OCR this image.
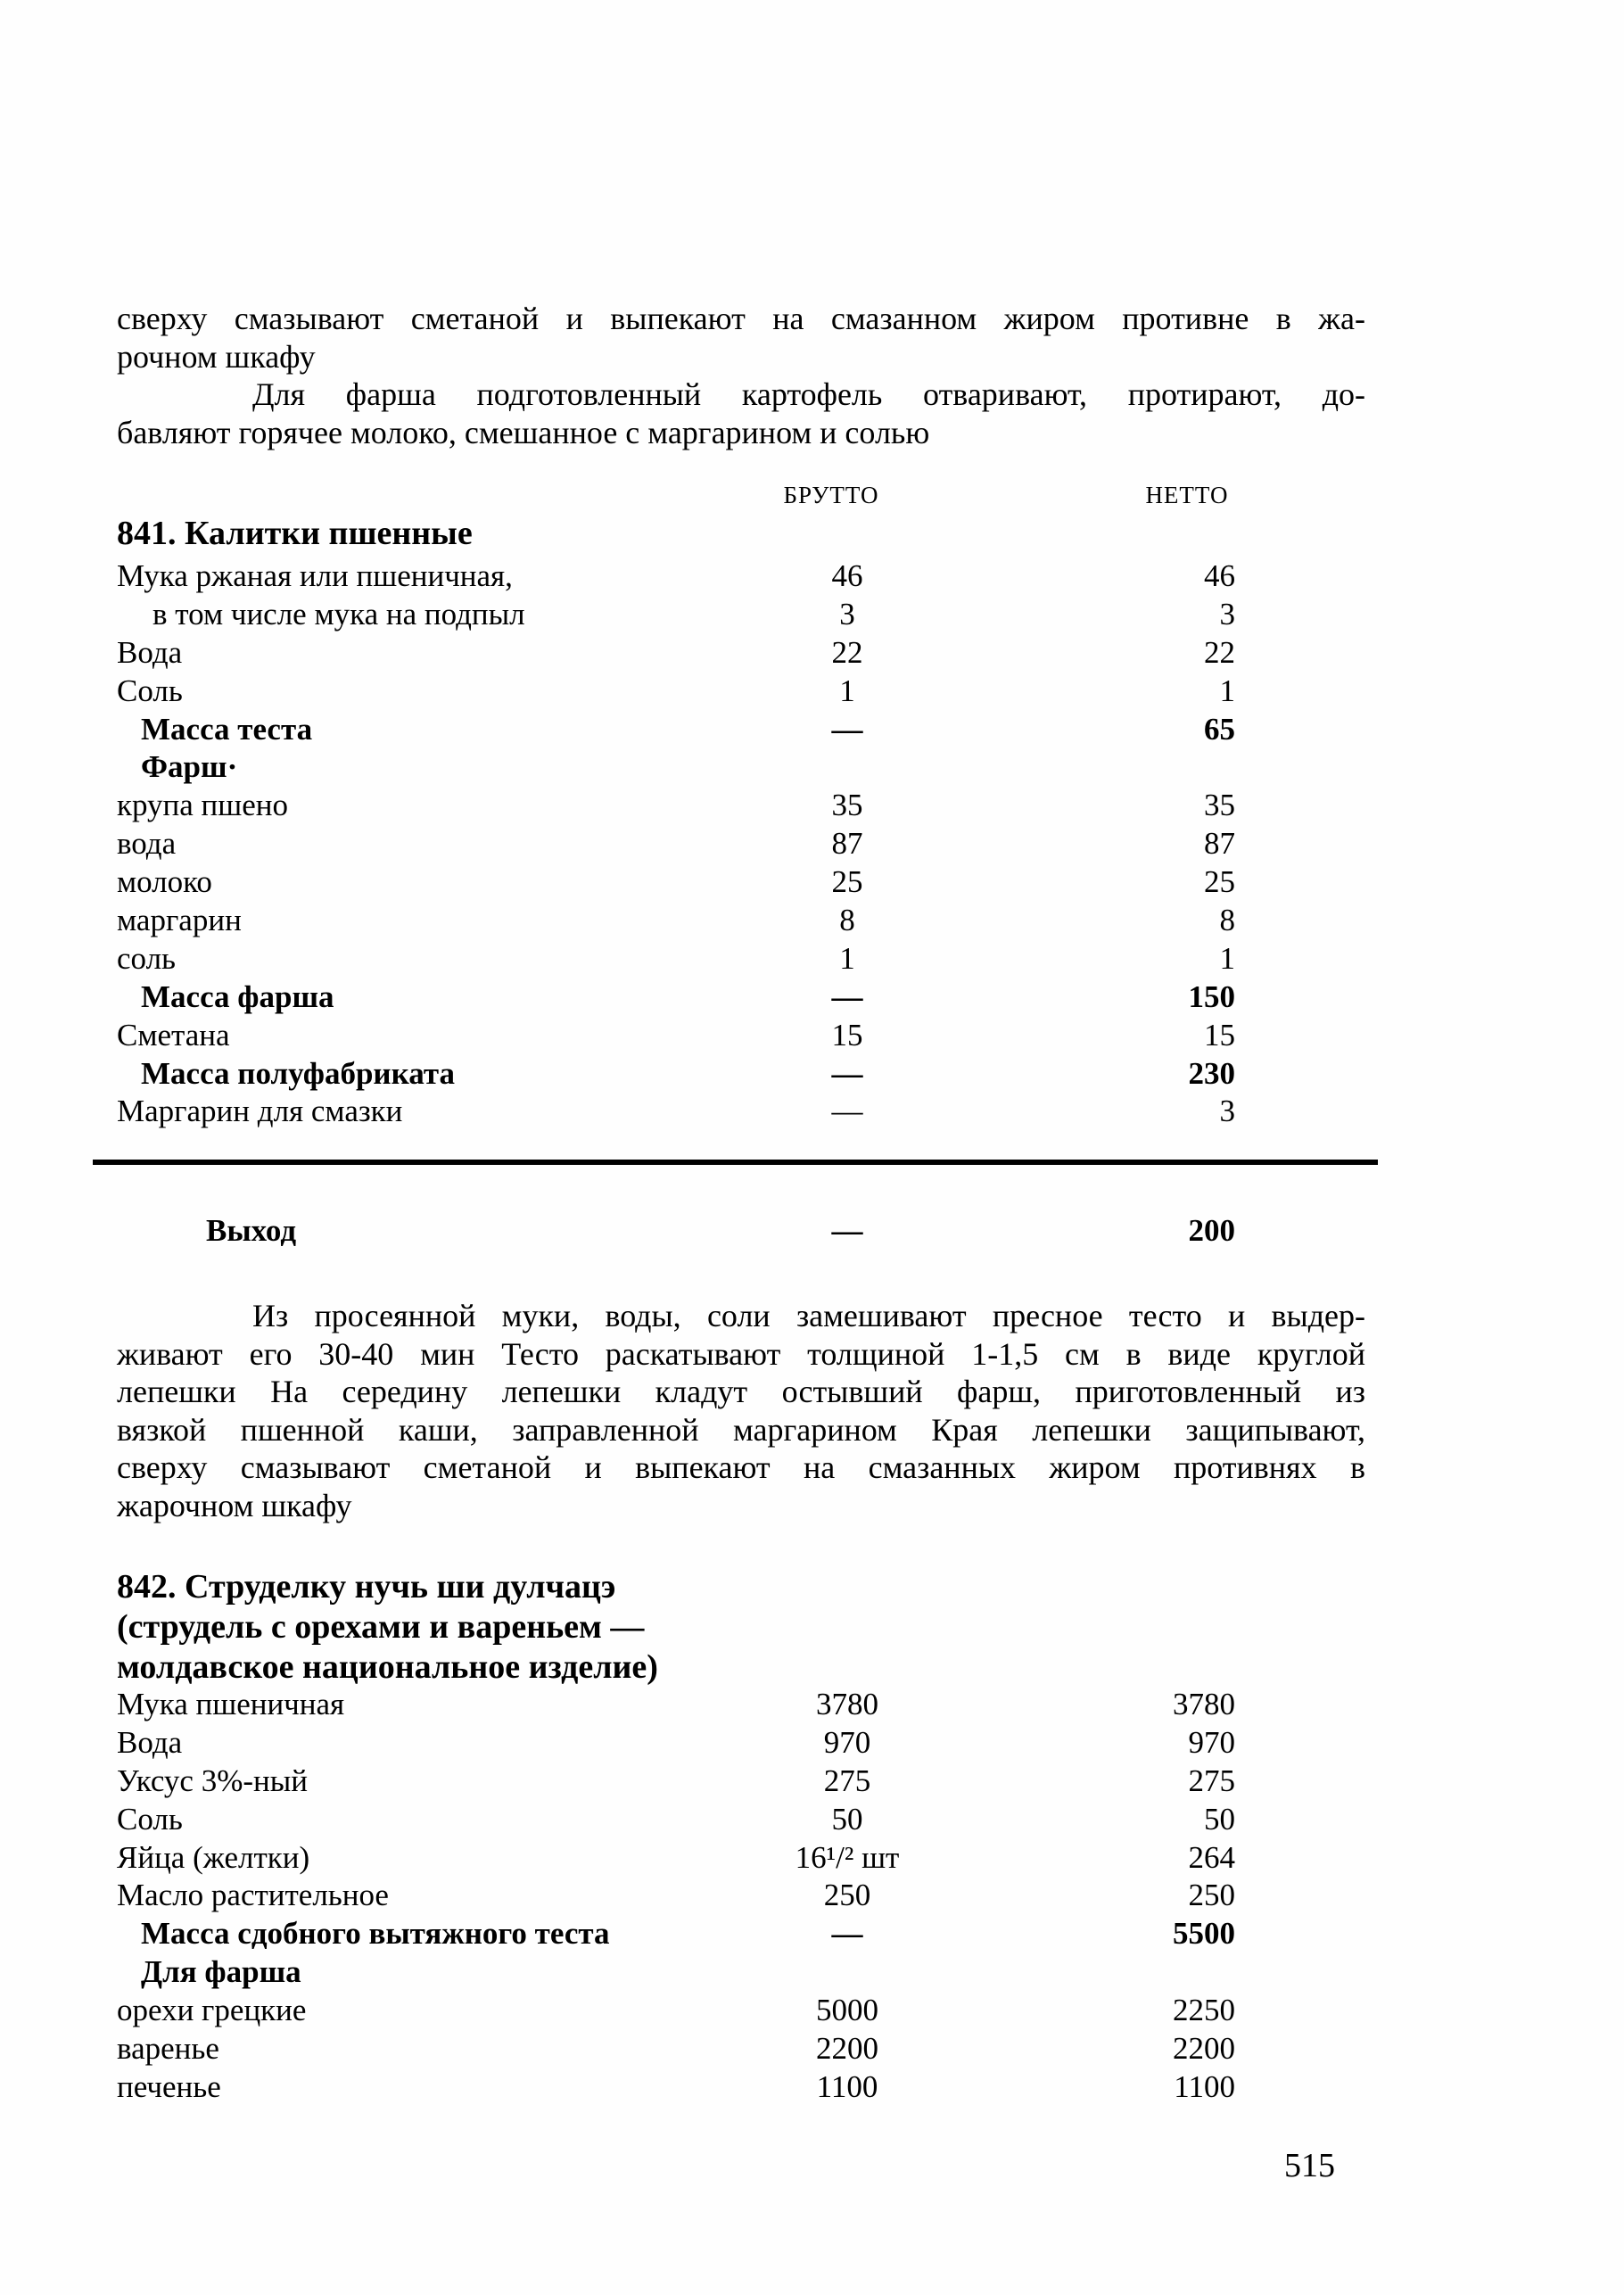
сверху смазывают сметаной и выпекают на смазанном жиром противне в жа-
рочном шкафу
Для фарша подготовленный картофель отваривают, протирают, до-
бавляют горячее молоко, смешанное с маргарином и солью
БРУТТО	НЕТТО
841. Калитки пшенные
Мука ржаная или пшеничная,	46	46
в том числе мука на подпыл	3	3
Вода	22	22
Соль	1	1
Масса теста	—	65
Фарш·
крупа пшено	35	35
вода	87	87
молоко	25	25
маргарин	8	8
соль	1	1
Масса фарша	—	150
Сметана	15	15
Масса полуфабриката	—	230
Маргарин для смазки	—	3
Выход	—	200
Из просеянной муки, воды, соли замешивают пресное тесто и выдер-
живают его 30-40 мин Тесто раскатывают толщиной 1-1,5 см в виде круглой
лепешки На середину лепешки кладут остывший фарш, приготовленный из
вязкой пшенной каши, заправленной маргарином Края лепешки защипывают,
сверху смазывают сметаной и выпекают на смазанных жиром противнях в
жарочном шкафу
842. Струделку нучь ши дулчацэ
(струдель с орехами и вареньем —
молдавское национальное изделие)
Мука пшеничная	3780	3780
Вода	970	970
Уксус 3%-ный	275	275
Соль	50	50
Яйца (желтки)	16¹/² шт	264
Масло растительное	250	250
Масса сдобного вытяжного теста	—	5500
Для фарша
орехи грецкие	5000	2250
варенье	2200	2200
печенье	1100	1100
515
